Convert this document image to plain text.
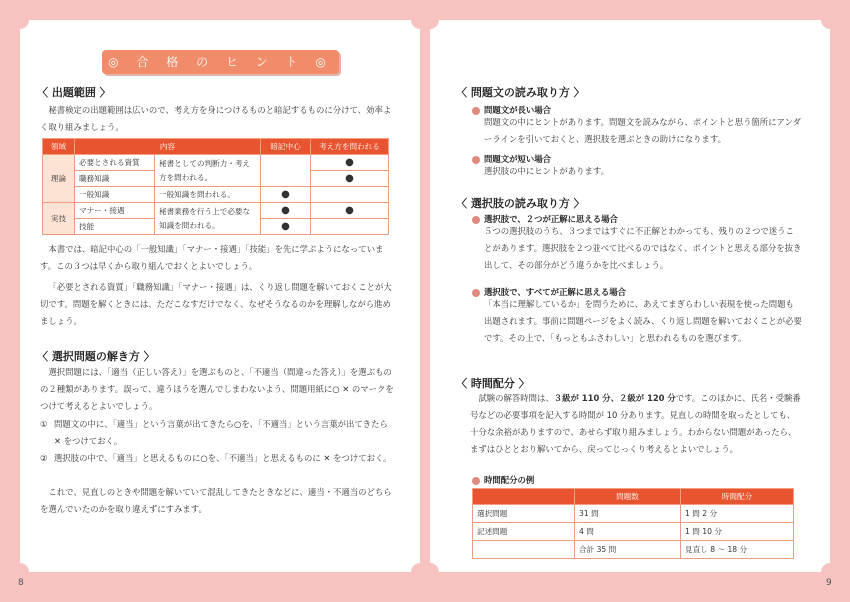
◎ 合 格 の ヒ ン ト ◎
〈 出題範囲 〉

秘書検定の出題範囲は広いので、考え方を身につけるものと暗記するものに分けて、効率よく取り組みましょう。

領域	内容		暗記中心	考え方を問われる
理論	必要とされる資質	秘書としての判断力・考え方を問われる。		●
	職務知識			●
	一般知識	一般知識を問われる。	●	
実技	マナー・接遇	秘書業務を行う上で必要な知識を問われる。	●	●
	技能		●	

本書では、暗記中心の「一般知識」「マナー・接遇」「技能」を先に学ぶようになっています。この３つは早くから取り組んでおくとよいでしょう。

「必要とされる資質」「職務知識」「マナー・接遇」は、くり返し問題を解いておくことが大切です。問題を解くときには、ただこなすだけでなく、なぜそうなるのかを理解しながら進めましょう。

〈 選択問題の解き方 〉

選択問題には、「適当（正しい答え）」を選ぶものと、「不適当（間違った答え）」を選ぶものの２種類があります。誤って、違うほうを選んでしまわないよう、問題用紙に○ ✕ のマークをつけて考えるとよいでしょう。

① 問題文の中に、「適当」という言葉が出てきたら○を、「不適当」という言葉が出てきたら ✕ をつけておく。
② 選択肢の中で、「適当」と思えるものに○を、「不適当」と思えるものに ✕ をつけておく。

これで、見直しのときや問題を解いていて混乱してきたときなどに、適当・不適当のどちらを選んでいたのかを取り違えずにすみます。

8
〈 問題文の読み取り方 〉
問題文が長い場合
問題文の中にヒントがあります。問題文を読みながら、ポイントと思う箇所にアンダーラインを引いておくと、選択肢を選ぶときの助けになります。
問題文が短い場合
選択肢の中にヒントがあります。
〈 選択肢の読み取り方 〉
選択肢で、２つが正解に思える場合
５つの選択肢のうち、３つまではすぐに不正解とわかっても、残りの２つで迷うことがあります。選択肢を２つ並べて比べるのではなく、ポイントと思える部分を抜き出して、その部分がどう違うかを比べましょう。
選択肢で、すべてが正解に思える場合
「本当に理解しているか」を問うために、あえてまぎらわしい表現を使った問題も出題されます。事前に問題ページをよく読み、くり返し問題を解いておくことが必要です。その上で、「もっともふさわしい」と思われるものを選びます。
〈 時間配分 〉
試験の解答時間は、３級が 110 分、２級が 120 分です。このほかに、氏名・受験番号などの必要事項を記入する時間が 10 分あります。見直しの時間を取ったとしても、十分な余裕がありますので、あせらず取り組みましょう。わからない問題があったら、まずはひととおり解いてから、戻ってじっくり考えるとよいでしょう。
時間配分の例
	問題数	時間配分
選択問題	31 問	1 問 2 分
記述問題	4 問	1 問 10 分
	合計 35 問	見直し 8 〜 18 分
9
